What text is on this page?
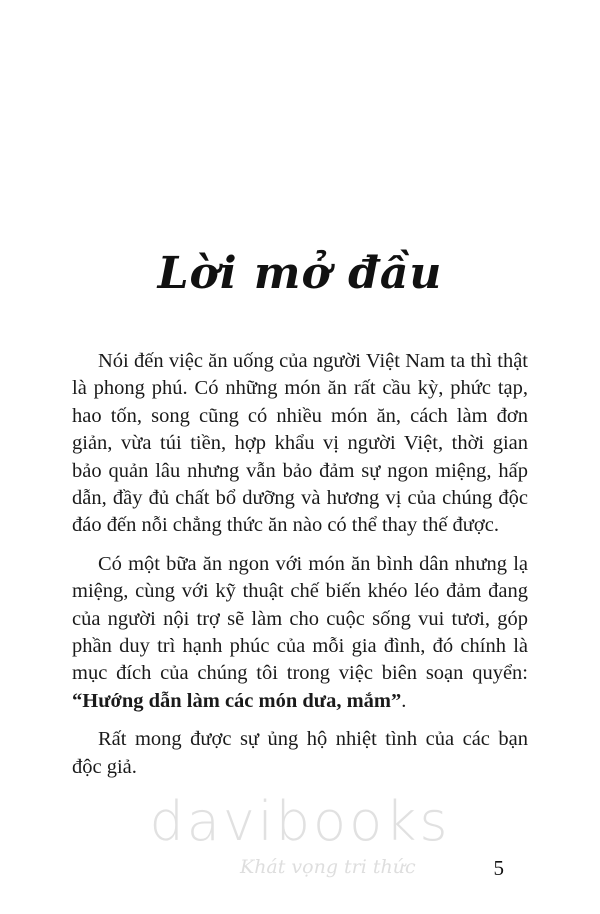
Lời mở đầu

Nói đến việc ăn uống của người Việt Nam ta thì thật là phong phú. Có những món ăn rất cầu kỳ, phức tạp, hao tốn, song cũng có nhiều món ăn, cách làm đơn giản, vừa túi tiền, hợp khẩu vị người Việt, thời gian bảo quản lâu nhưng vẫn bảo đảm sự ngon miệng, hấp dẫn, đầy đủ chất bổ dưỡng và hương vị của chúng độc đáo đến nỗi chẳng thức ăn nào có thể thay thế được.

Có một bữa ăn ngon với món ăn bình dân nhưng lạ miệng, cùng với kỹ thuật chế biến khéo léo đảm đang của người nội trợ sẽ làm cho cuộc sống vui tươi, góp phần duy trì hạnh phúc của mỗi gia đình, đó chính là mục đích của chúng tôi trong việc biên soạn quyển: “Hướng dẫn làm các món dưa, mắm”.

Rất mong được sự ủng hộ nhiệt tình của các bạn độc giả.

davibooks
Khát vọng tri thức	5
